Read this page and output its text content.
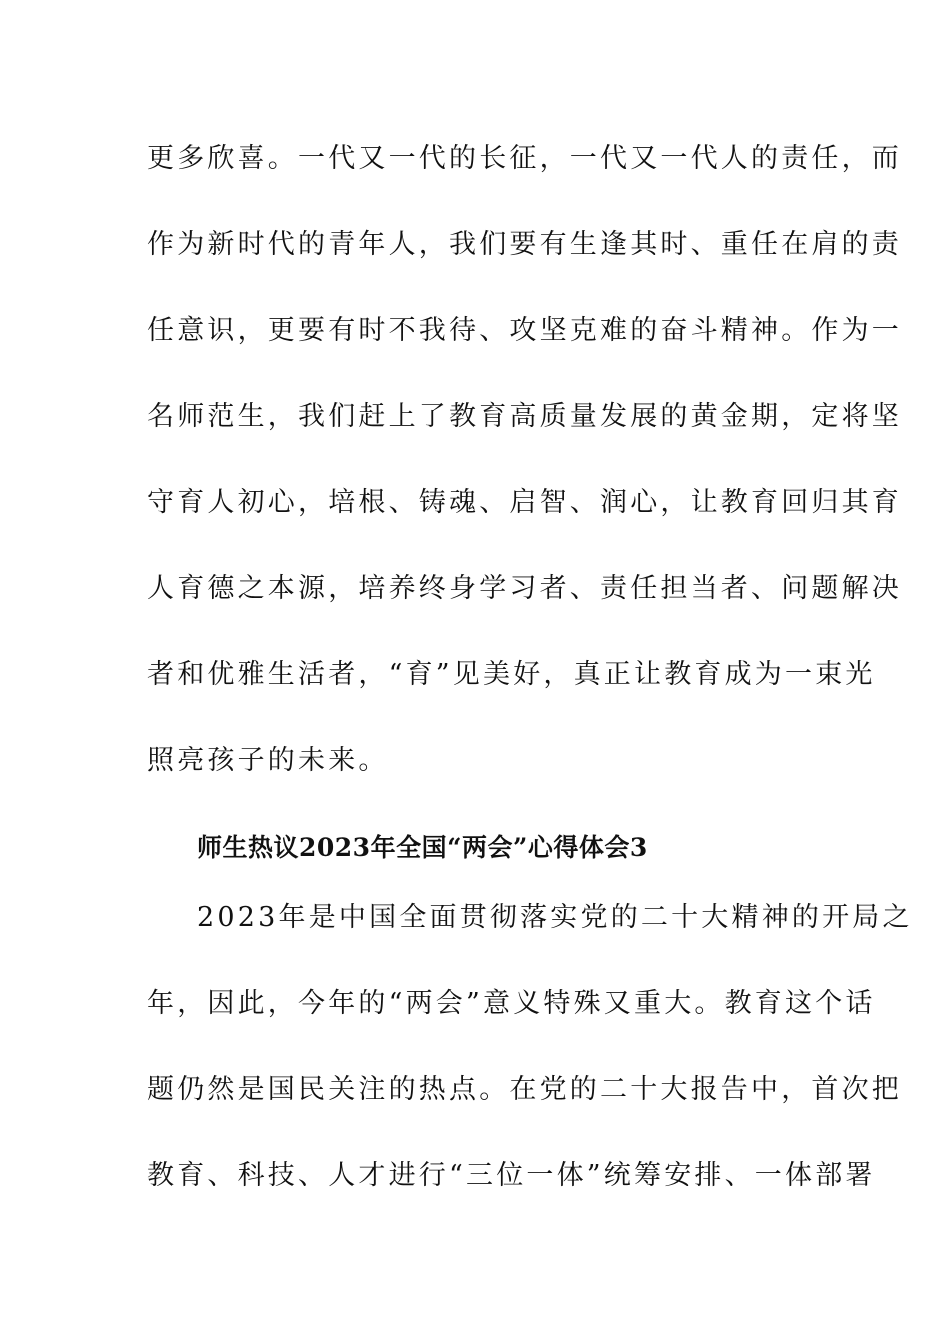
更多欣喜。一代又一代的长征，一代又一代人的责任，而
作为新时代的青年人，我们要有生逢其时、重任在肩的责
任意识，更要有时不我待、攻坚克难的奋斗精神。作为一
名师范生，我们赶上了教育高质量发展的黄金期，定将坚
守育人初心，培根、铸魂、启智、润心，让教育回归其育
人育德之本源，培养终身学习者、责任担当者、问题解决
者和优雅生活者，“育”见美好，真正让教育成为一束光
照亮孩子的未来。
师生热议2023年全国“两会”心得体会3
2023年是中国全面贯彻落实党的二十大精神的开局之
年，因此，今年的“两会”意义特殊又重大。教育这个话
题仍然是国民关注的热点。在党的二十大报告中，首次把
教育、科技、人才进行“三位一体”统筹安排、一体部署
